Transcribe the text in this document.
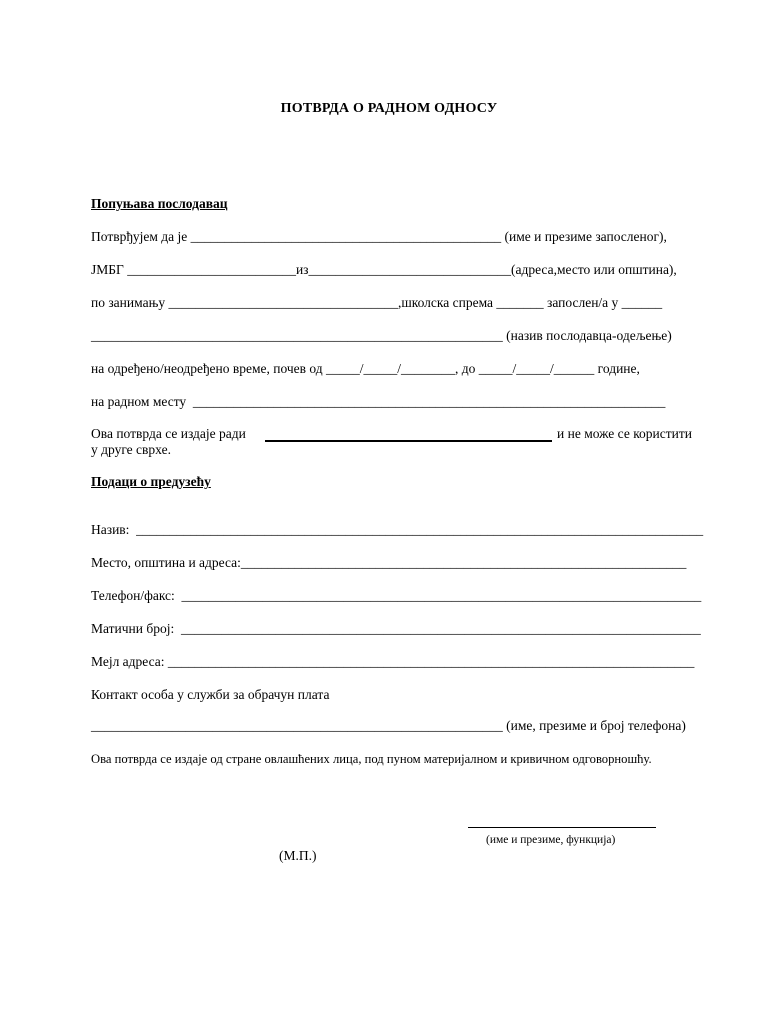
ПОТВРДА О РАДНОМ ОДНОСУ
Попуњава послодавац
Потврђујем да је ______________________________________________ (име и презиме запосленог),
ЈМБГ _________________________из______________________________(адреса,место или општина),
по занимању __________________________________,школска спрема _______ запослен/а у ______
_____________________________________________________________ (назив послодавца-одељење)
на одређено/неодређено време, почев од _____/_____/________, до _____/_____/______ године,
на радном месту  ______________________________________________________________________
Ова потврда се издаје ради	и не може се користити
у друге сврхе.
Подаци о предузећу
Назив:  ____________________________________________________________________________________
Место, општина и адреса:__________________________________________________________________
Телефон/факс:  _____________________________________________________________________________
Матични број:  _____________________________________________________________________________
Мејл адреса: ______________________________________________________________________________
Контакт особа у служби за обрачун плата
_____________________________________________________________ (име, презиме и број телефона)
Ова потврда се издаје од стране овлашћених лица, под пуном материјалном и кривичном одговорношћу.
(име и презиме, функција)
(М.П.)
